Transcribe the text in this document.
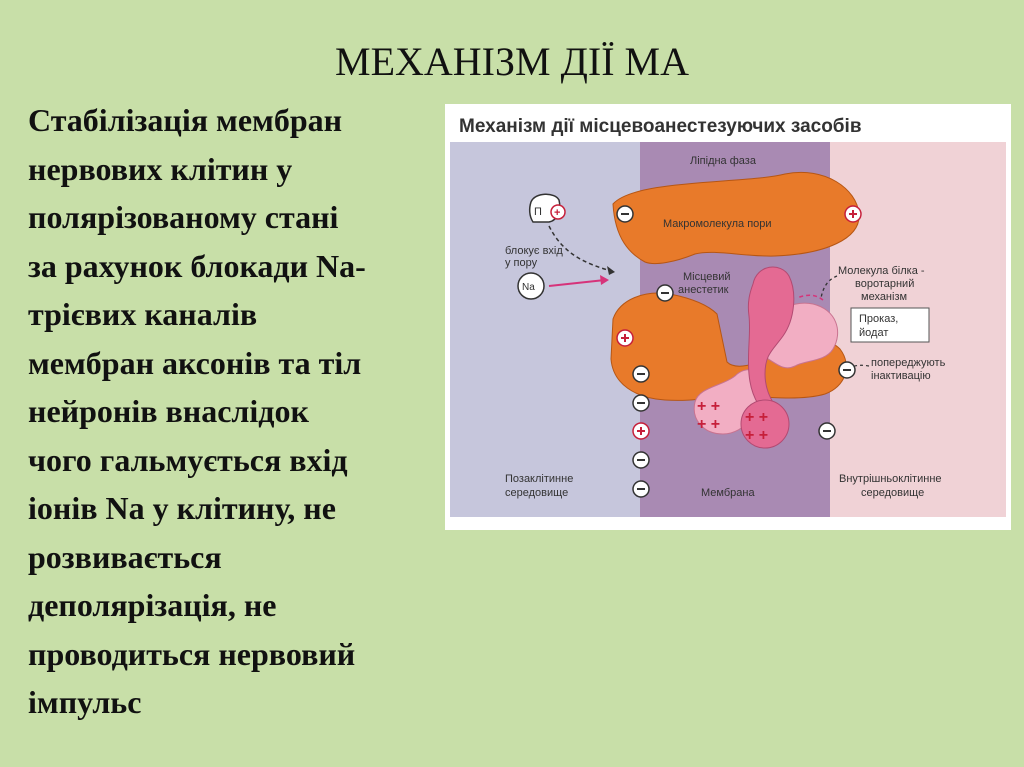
МЕХАНІЗМ ДІЇ МА
Стабілізація мембран
нервових клітин у
полярізованому стані
за рахунок блокади Na-
трієвих каналів
мембран аксонів та тіл
нейронів внаслідок
чого гальмується вхід
іонів Na у клітину, не
розвивається
деполярізація, не
проводиться нервовий
імпульс
Механізм дії місцевоанестезуючих засобів
+ +
+ + + +
+ +
Ліпідна фаза
Макромолекула пори
П +
блокує вхід
у пору
Na
Місцевий
анестетик
Молекула білка -
воротарний
механізм
Проказ,
йодат
попереджують
інактивацію
Позаклітинне
середовище	Мембрана
Внутрішньоклітинне
середовище
